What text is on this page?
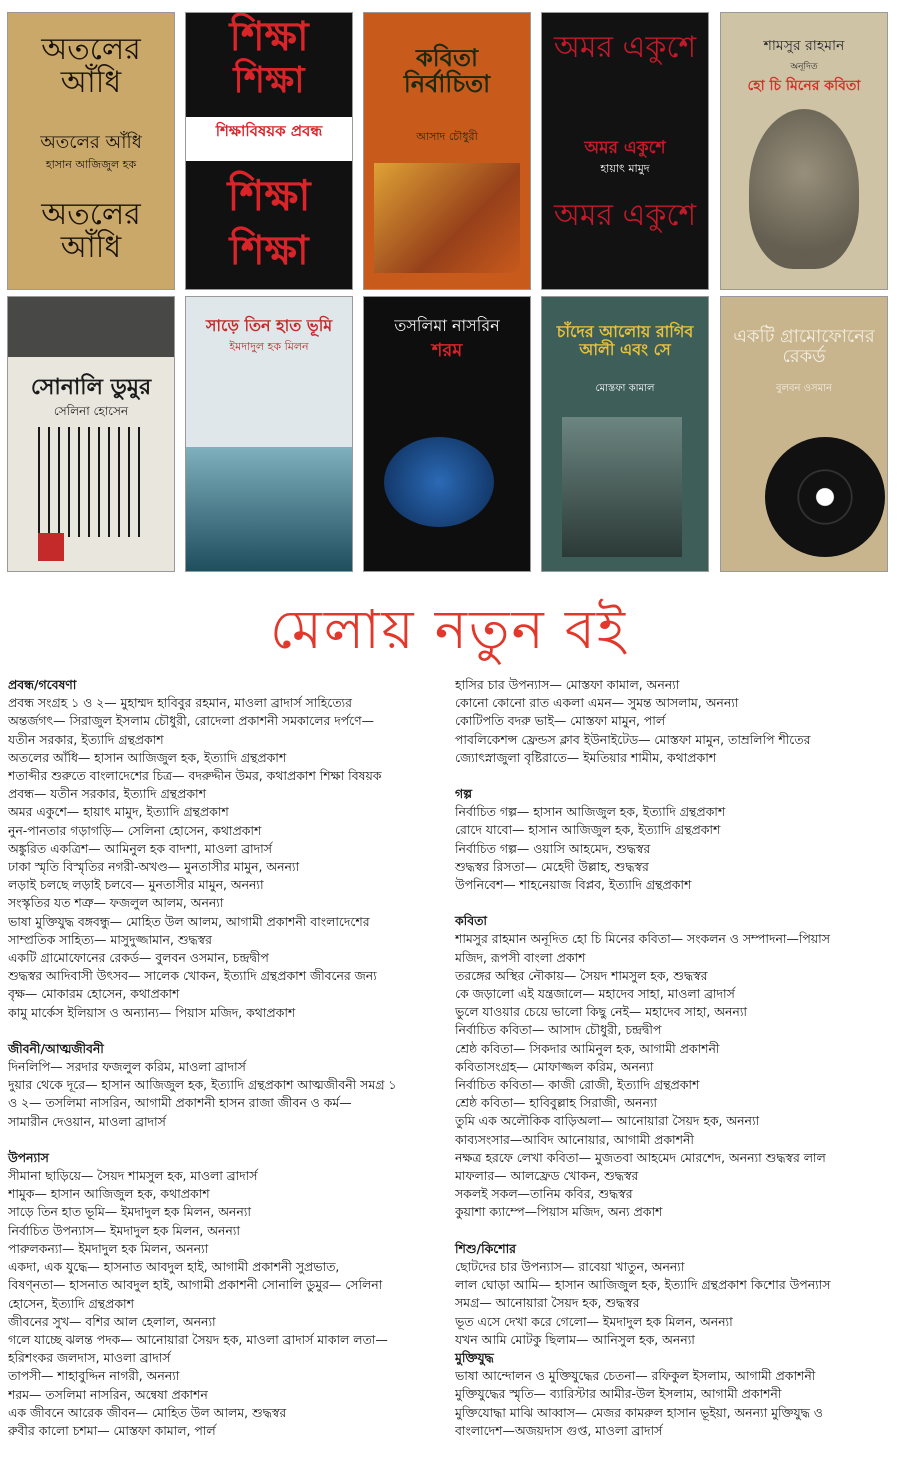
অতলের আঁধি
অতলের আঁধি
হাসান আজিজুল হক
অতলের আঁধি
শিক্ষা
শিক্ষা
শিক্ষাবিষয়ক প্রবন্ধ
যতীন সরকার
শিক্ষা
শিক্ষা
কবিতা নির্বাচিতা
আসাদ চৌধুরী
অমর একুশে
অমর একুশে
হায়াৎ মামুদ
অমর একুশে
শামসুর রাহমান
অনূদিত
হো চি মিনের কবিতা
সোনালি ডুমুর
সেলিনা হোসেন
সাড়ে তিন হাত ভূমি
ইমদাদুল হক মিলন
তসলিমা নাসরিন
শরম
চাঁদের আলোয় রাগিব আলী এবং সে
মোস্তফা কামাল
একটি গ্রামোফোনের রেকর্ড
বুলবন ওসমান
মেলায় নতুন বই
প্রবন্ধ/গবেষণা
প্রবন্ধ সংগ্রহ ১ ও ২— মুহাম্মদ হাবিবুর রহমান, মাওলা ব্রাদার্স সাহিত্যের
অন্তর্জগৎ— সিরাজুল ইসলাম চৌধুরী, রোদেলা প্রকাশনী সমকালের দর্পণে—
যতীন সরকার, ইত্যাদি গ্রন্থপ্রকাশ
অতলের আঁধি— হাসান আজিজুল হক, ইত্যাদি গ্রন্থপ্রকাশ
শতাব্দীর শুরুতে বাংলাদেশের চিত্র— বদরুদ্দীন উমর, কথাপ্রকাশ শিক্ষা বিষয়ক
প্রবন্ধ— যতীন সরকার, ইত্যাদি গ্রন্থপ্রকাশ
অমর একুশে— হায়াৎ মামুদ, ইত্যাদি গ্রন্থপ্রকাশ
নুন-পানতার গড়াগড়ি— সেলিনা হোসেন, কথাপ্রকাশ
অঙ্কুরিত একত্রিশ— আমিনুল হক বাদশা, মাওলা ব্রাদার্স
ঢাকা স্মৃতি বিস্মৃতির নগরী-অখণ্ড— মুনতাসীর মামুন, অনন্যা
লড়াই চলছে লড়াই চলবে— মুনতাসীর মামুন, অনন্যা
সংস্কৃতির যত শত্রু— ফজলুল আলম, অনন্যা
ভাষা মুক্তিযুদ্ধ বঙ্গবন্ধু— মোহিত উল আলম, আগামী প্রকাশনী বাংলাদেশের
সাম্প্রতিক সাহিত্য— মাসুদুজ্জামান, শুদ্ধস্বর
একটি গ্রামোফোনের রেকর্ড— বুলবন ওসমান, চন্দ্রদ্বীপ
শুদ্ধস্বর আদিবাসী উৎসব— সালেক খোকন, ইত্যাদি গ্রন্থপ্রকাশ জীবনের জন্য
বৃক্ষ— মোকারম হোসেন, কথাপ্রকাশ
কামু মার্কেস ইলিয়াস ও অন্যান্য— পিয়াস মজিদ, কথাপ্রকাশ
জীবনী/আত্মজীবনী
দিনলিপি— সরদার ফজলুল করিম, মাওলা ব্রাদার্স
দুয়ার থেকে দূরে— হাসান আজিজুল হক, ইত্যাদি গ্রন্থপ্রকাশ আত্মজীবনী সমগ্র ১
ও ২— তসলিমা নাসরিন, আগামী প্রকাশনী হাসন রাজা জীবন ও কর্ম—
সামারীন দেওয়ান, মাওলা ব্রাদার্স
উপন্যাস
সীমানা ছাড়িয়ে— সৈয়দ শামসুল হক, মাওলা ব্রাদার্স
শামুক— হাসান আজিজুল হক, কথাপ্রকাশ
সাড়ে তিন হাত ভূমি— ইমদাদুল হক মিলন, অনন্যা
নির্বাচিত উপন্যাস— ইমদাদুল হক মিলন, অনন্যা
পারুলকন্যা— ইমদাদুল হক মিলন, অনন্যা
একদা, এক যুদ্ধে— হাসনাত আবদুল হাই, আগামী প্রকাশনী সুপ্রভাত,
বিষণ্নতা— হাসনাত আবদুল হাই, আগামী প্রকাশনী সোনালি ডুমুর— সেলিনা
হোসেন, ইত্যাদি গ্রন্থপ্রকাশ
জীবনের সুখ— বশির আল হেলাল, অনন্যা
গলে যাচ্ছে ঝলন্ত পদক— আনোয়ারা সৈয়দ হক, মাওলা ব্রাদার্স মাকাল লতা—
হরিশংকর জলদাস, মাওলা ব্রাদার্স
তাপসী— শাহাবুদ্দিন নাগরী, অনন্যা
শরম— তসলিমা নাসরিন, অন্বেষা প্রকাশন
এক জীবনে আরেক জীবন— মোহিত উল আলম, শুদ্ধস্বর
রুবীর কালো চশমা— মোস্তফা কামাল, পার্ল
হাসির চার উপন্যাস— মোস্তফা কামাল, অনন্যা
কোনো কোনো রাত একলা এমন— সুমন্ত আসলাম, অনন্যা
কোটিপতি বদরু ভাই— মোস্তফা মামুন, পার্ল
পাবলিকেশন্স ফ্রেন্ডস ক্লাব ইউনাইটেড— মোস্তফা মামুন, তাম্রলিপি শীতের
জ্যোৎস্নাজুলা বৃষ্টিরাতে— ইমতিয়ার শামীম, কথাপ্রকাশ
গল্প
নির্বাচিত গল্প— হাসান আজিজুল হক, ইত্যাদি গ্রন্থপ্রকাশ
রোদে যাবো— হাসান আজিজুল হক, ইত্যাদি গ্রন্থপ্রকাশ
নির্বাচিত গল্প— ওয়াসি আহমেদ, শুদ্ধস্বর
শুদ্ধস্বর রিসতা— মেহেদী উল্লাহ, শুদ্ধস্বর
উপনিবেশ— শাহনেয়াজ বিপ্লব, ইত্যাদি গ্রন্থপ্রকাশ
কবিতা
শামসুর রাহমান অনূদিত হো চি মিনের কবিতা— সংকলন ও সম্পাদনা—পিয়াস
মজিদ, রূপসী বাংলা প্রকাশ
তরঙ্গের অস্থির নৌকায়— সৈয়দ শামসুল হক, শুদ্ধস্বর
কে জড়ালো এই যন্ত্রজালে— মহাদেব সাহা, মাওলা ব্রাদার্স
ভুলে যাওয়ার চেয়ে ভালো কিছু নেই— মহাদেব সাহা, অনন্যা
নির্বাচিত কবিতা— আসাদ চৌধুরী, চন্দ্রদ্বীপ
শ্রেষ্ঠ কবিতা— সিকদার আমিনুল হক, আগামী প্রকাশনী
কবিতাসংগ্রহ— মোফাজ্জল করিম, অনন্যা
নির্বাচিত কবিতা— কাজী রোজী, ইত্যাদি গ্রন্থপ্রকাশ
শ্রেষ্ঠ কবিতা— হাবিবুল্লাহ সিরাজী, অনন্যা
তুমি এক অলৌকিক বাড়িঅলা— আনোয়ারা সৈয়দ হক, অনন্যা
কাব্যসংসার—আবিদ আনোয়ার, আগামী প্রকাশনী
নক্ষত্র হরফে লেখা কবিতা— মুজতবা আহমেদ মোরশেদ, অনন্যা শুদ্ধস্বর লাল
মাফলার— আলফ্রেড খোকন, শুদ্ধস্বর
সকলই সকল—তানিম কবির, শুদ্ধস্বর
কুয়াশা ক্যাম্পে—পিয়াস মজিদ, অন্য প্রকাশ
শিশু/কিশোর
ছোটদের চার উপন্যাস— রাবেয়া খাতুন, অনন্যা
লাল ঘোড়া আমি— হাসান আজিজুল হক, ইত্যাদি গ্রন্থপ্রকাশ কিশোর উপন্যাস
সমগ্র— আনোয়ারা সৈয়দ হক, শুদ্ধস্বর
ভূত এসে দেখা করে গেলো— ইমদাদুল হক মিলন, অনন্যা
যখন আমি মোটকু ছিলাম— আনিসুল হক, অনন্যা
মুক্তিযুদ্ধ
ভাষা আন্দোলন ও মুক্তিযুদ্ধের চেতনা— রফিকুল ইসলাম, আগামী প্রকাশনী
মুক্তিযুদ্ধের স্মৃতি— ব্যারিস্টার আমীর-উল ইসলাম, আগামী প্রকাশনী
মুক্তিযোদ্ধা মাঝি আব্বাস— মেজর কামরুল হাসান ভূইয়া, অনন্যা মুক্তিযুদ্ধ ও
বাংলাদেশ—অজয়দাস গুপ্ত, মাওলা ব্রাদার্স
